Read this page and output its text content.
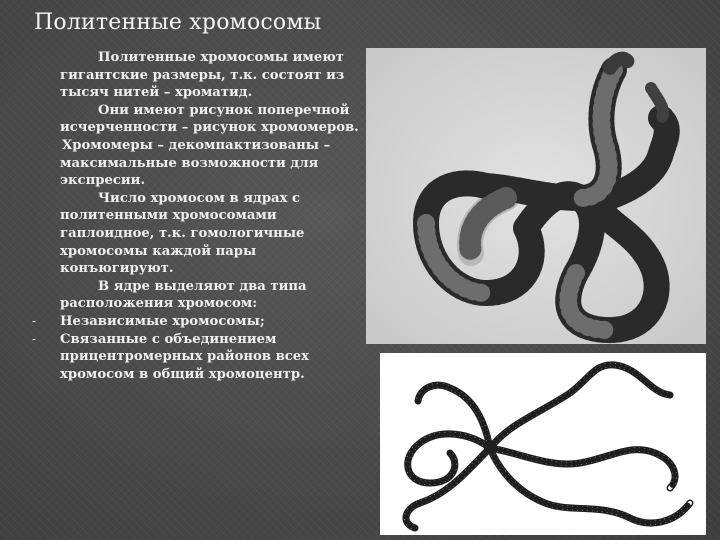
Политенные хромосомы

Политенные хромосомы имеют гигантские размеры, т.к. состоят из тысяч нитей – хроматид.

Они имеют рисунок поперечной исчерченности – рисунок хромомеров.

Хромомеры – декомпактизованы – максимальные возможности для экспресии.

Число хромосом в ядрах с политенными хромосомами гаплоидное, т.к. гомологичные хромосомы каждой пары конъюгируют.

В ядре выделяют два типа расположения хромосом:

- Независимые хромосомы;
- Связанные с объединением прицентромерных районов всех хромосом в общий хромоцентр.
